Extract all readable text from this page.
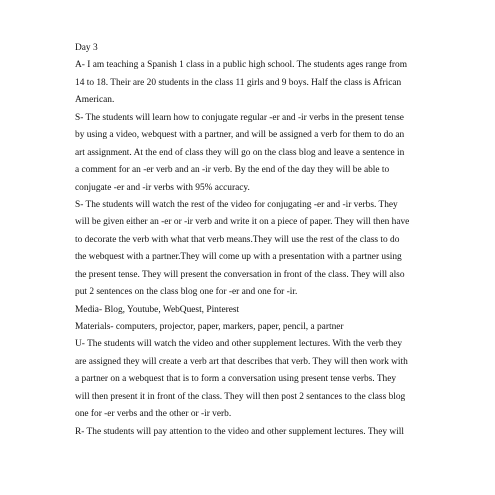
Day 3
A- I am teaching a Spanish 1 class in a public high school. The students ages range from
14 to 18. Their are 20 students in the class 11 girls and 9 boys. Half the class is African
American.
S- The students will learn how to conjugate regular -er and -ir verbs in the present tense
by using a video, webquest with a partner, and will be assigned a verb for them to do an
art assignment. At the end of class they will go on the class blog and leave a sentence in
a comment for an -er verb and an -ir verb. By the end of the day they will be able to
conjugate -er and -ir verbs with 95% accuracy.
S- The students will watch the rest of the video for conjugating -er and -ir verbs. They
will be given either an -er or -ir verb and write it on a piece of paper. They will then have
to decorate the verb with what that verb means.They will use the rest of the class to do
the webquest with a partner.They will come up with a presentation with a partner using
the present tense. They will present the conversation in front of the class. They will also
put 2 sentences on the class blog one for -er and one for -ir.
Media- Blog, Youtube, WebQuest, Pinterest
Materials- computers, projector, paper, markers, paper, pencil, a partner
U- The students will watch the video and other supplement lectures. With the verb they
are assigned they will create a verb art that describes that verb. They will then work with
a partner on a webquest that is to form a conversation using present tense verbs. They
will then present it in front of the class. They will then post 2 sentances to the class blog
one for -er verbs and the other or -ir verb.
R- The students will pay attention to the video and other supplement lectures. They will
